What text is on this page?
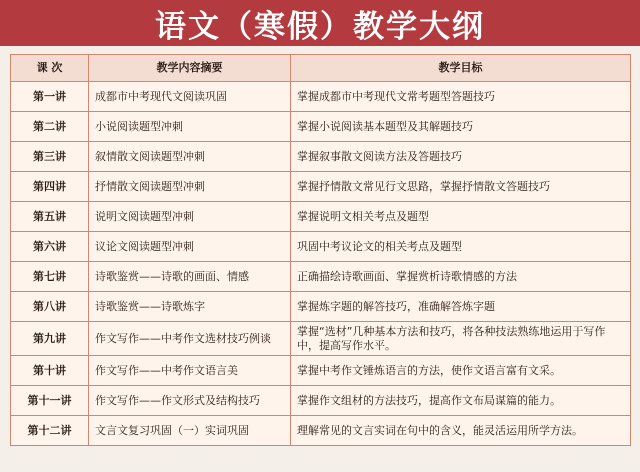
语文（寒假）教学大纲
课 次	教学内容摘要	教学目标
第一讲	成都市中考现代文阅读巩固	掌握成都市中考现代文常考题型答题技巧
第二讲	小说阅读题型冲刺	掌握小说阅读基本题型及其解题技巧
第三讲	叙情散文阅读题型冲刺	掌握叙事散文阅读方法及答题技巧
第四讲	抒情散文阅读题型冲刺	掌握抒情散文常见行文思路，掌握抒情散文答题技巧
第五讲	说明文阅读题型冲刺	掌握说明文相关考点及题型
第六讲	议论文阅读题型冲刺	巩固中考议论文的相关考点及题型
第七讲	诗歌鉴赏——诗歌的画面、情感	正确描绘诗歌画面、掌握赏析诗歌情感的方法
第八讲	诗歌鉴赏——诗歌炼字	掌握炼字题的解答技巧，准确解答炼字题
第九讲	作文写作——中考作文选材技巧例谈	掌握“选材”几种基本方法和技巧，将各种技法熟练地运用于写作中，提高写作水平。
第十讲	作文写作——中考作文语言美	掌握中考作文锤炼语言的方法，使作文语言富有文采。
第十一讲	作文写作——作文形式及结构技巧	掌握作文组材的方法技巧，提高作文布局谋篇的能力。
第十二讲	文言文复习巩固（一）实词巩固	理解常见的文言实词在句中的含义，能灵活运用所学方法。
